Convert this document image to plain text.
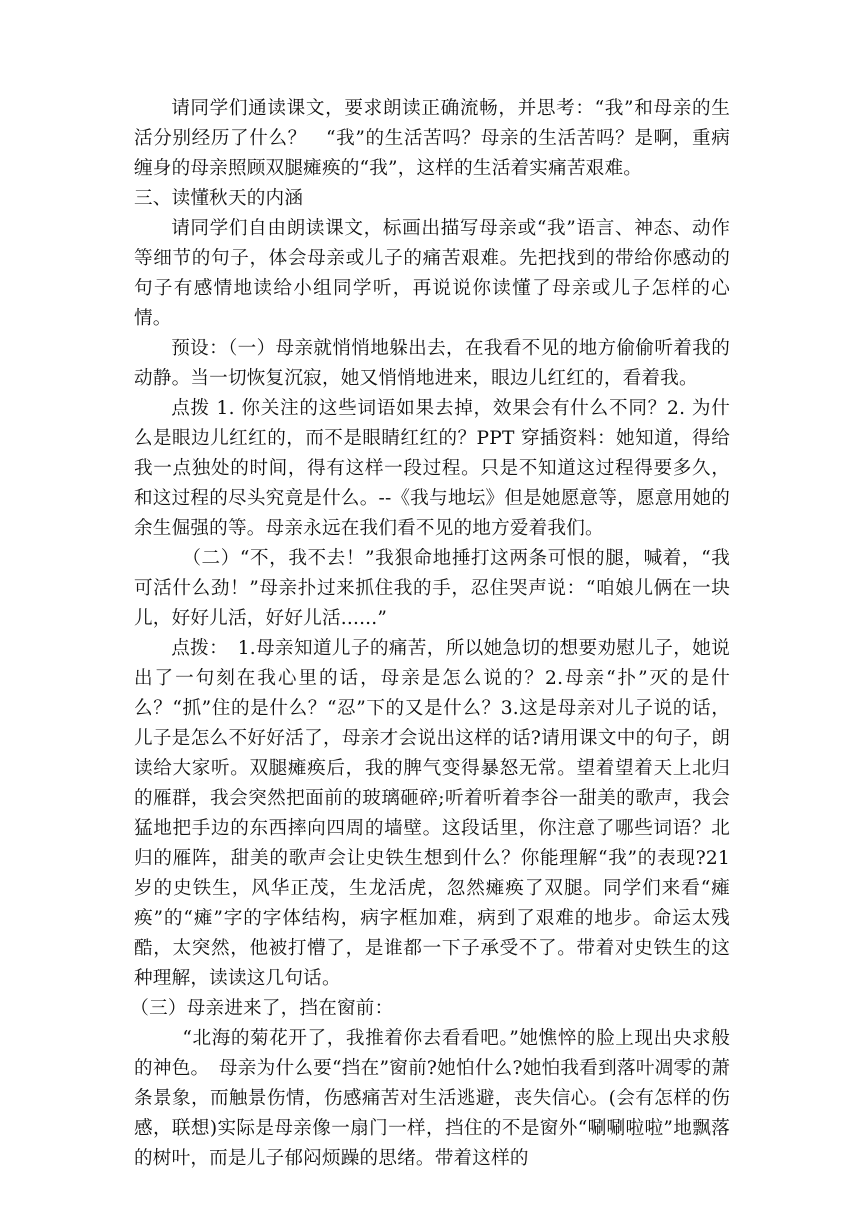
请同学们通读课文，要求朗读正确流畅，并思考：“我”和母亲的生活分别经历了什么？　“我”的生活苦吗？母亲的生活苦吗？是啊，重病缠身的母亲照顾双腿瘫痪的“我”，这样的生活着实痛苦艰难。

三、读懂秋天的内涵

请同学们自由朗读课文，标画出描写母亲或“我”语言、神态、动作等细节的句子，体会母亲或儿子的痛苦艰难。先把找到的带给你感动的句子有感情地读给小组同学听，再说说你读懂了母亲或儿子怎样的心情。

预设：（一）母亲就悄悄地躲出去，在我看不见的地方偷偷听着我的动静。当一切恢复沉寂，她又悄悄地进来，眼边儿红红的，看着我。

点拨 1. 你关注的这些词语如果去掉，效果会有什么不同？2. 为什么是眼边儿红红的，而不是眼睛红红的？PPT 穿插资料：她知道，得给我一点独处的时间，得有这样一段过程。只是不知道这过程得要多久，和这过程的尽头究竟是什么。--《我与地坛》但是她愿意等，愿意用她的余生倔强的等。母亲永远在我们看不见的地方爱着我们。

（二）“不，我不去！”我狠命地捶打这两条可恨的腿，喊着，“我可活什么劲！”母亲扑过来抓住我的手，忍住哭声说：“咱娘儿俩在一块儿，好好儿活，好好儿活......”

点拨：　1.母亲知道儿子的痛苦，所以她急切的想要劝慰儿子，她说出了一句刻在我心里的话，母亲是怎么说的？2.母亲“扑”灭的是什么？“抓”住的是什么？“忍”下的又是什么？3.这是母亲对儿子说的话，儿子是怎么不好好活了，母亲才会说出这样的话?请用课文中的句子，朗读给大家听。双腿瘫痪后，我的脾气变得暴怒无常。望着望着天上北归的雁群，我会突然把面前的玻璃砸碎;听着听着李谷一甜美的歌声，我会猛地把手边的东西摔向四周的墙壁。这段话里，你注意了哪些词语？北归的雁阵，甜美的歌声会让史铁生想到什么？你能理解“我”的表现?21 岁的史铁生，风华正茂，生龙活虎，忽然瘫痪了双腿。同学们来看“瘫痪”的“瘫”字的字体结构，病字框加难，病到了艰难的地步。命运太残酷，太突然，他被打懵了，是谁都一下子承受不了。带着对史铁生的这种理解，读读这几句话。

（三）母亲进来了，挡在窗前：

“北海的菊花开了，我推着你去看看吧。”她憔悴的脸上现出央求般的神色。　母亲为什么要“挡在”窗前?她怕什么?她怕我看到落叶凋零的萧条景象，而触景伤情，伤感痛苦对生活逃避，丧失信心。(会有怎样的伤感，联想)实际是母亲像一扇门一样，挡住的不是窗外“唰唰啦啦”地飘落的树叶，而是儿子郁闷烦躁的思绪。带着这样的
